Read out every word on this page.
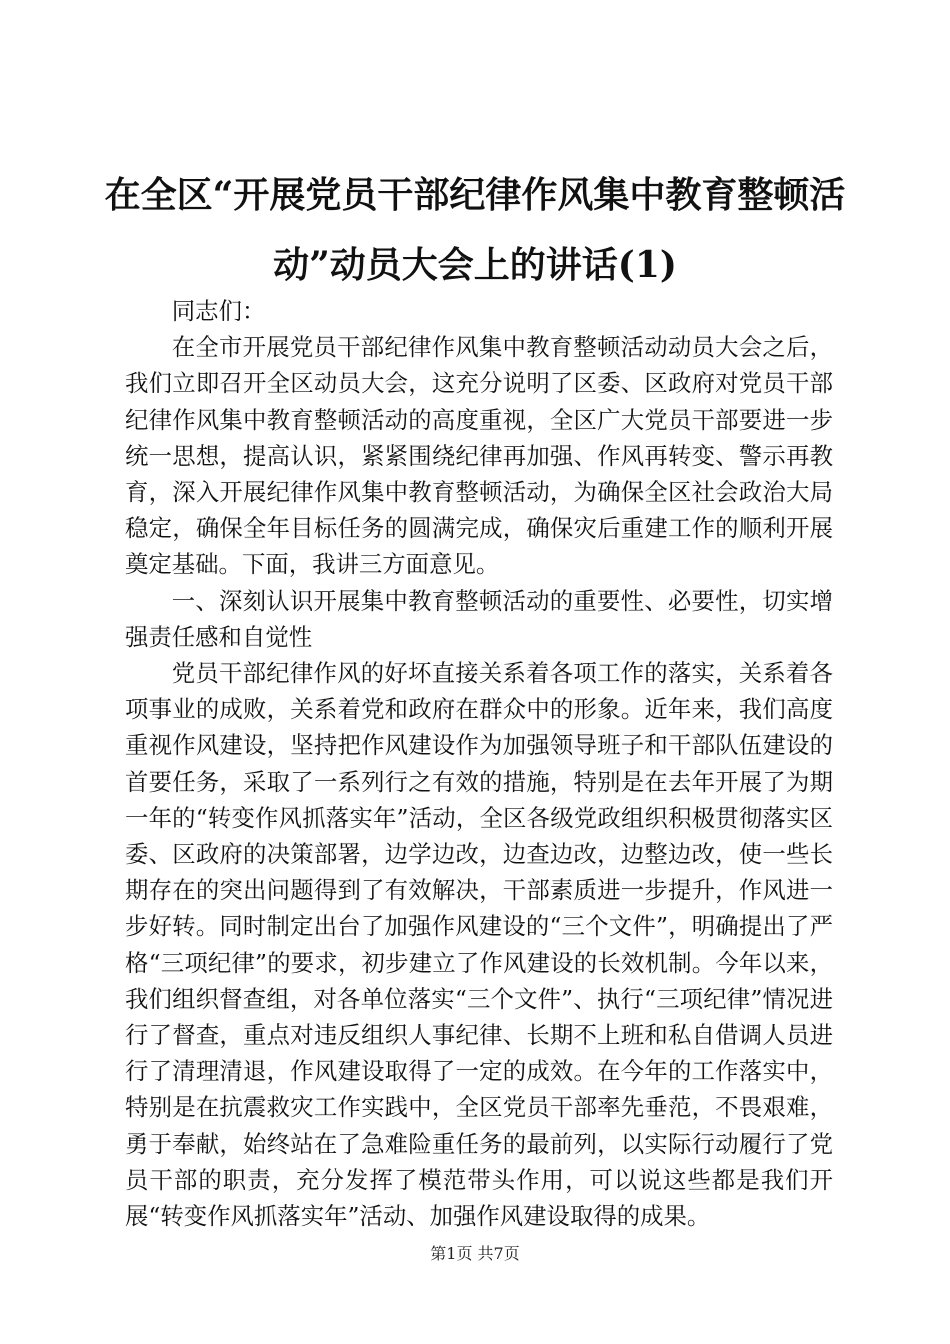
在全区“开展党员干部纪律作风集中教育整顿活动”动员大会上的讲话(1)

同志们：

在全市开展党员干部纪律作风集中教育整顿活动动员大会之后，我们立即召开全区动员大会，这充分说明了区委、区政府对党员干部纪律作风集中教育整顿活动的高度重视，全区广大党员干部要进一步统一思想，提高认识，紧紧围绕纪律再加强、作风再转变、警示再教育，深入开展纪律作风集中教育整顿活动，为确保全区社会政治大局稳定，确保全年目标任务的圆满完成，确保灾后重建工作的顺利开展奠定基础。下面，我讲三方面意见。

一、深刻认识开展集中教育整顿活动的重要性、必要性，切实增强责任感和自觉性

党员干部纪律作风的好坏直接关系着各项工作的落实，关系着各项事业的成败，关系着党和政府在群众中的形象。近年来，我们高度重视作风建设，坚持把作风建设作为加强领导班子和干部队伍建设的首要任务，采取了一系列行之有效的措施，特别是在去年开展了为期一年的“转变作风抓落实年”活动，全区各级党政组织积极贯彻落实区委、区政府的决策部署，边学边改，边查边改，边整边改，使一些长期存在的突出问题得到了有效解决，干部素质进一步提升，作风进一步好转。同时制定出台了加强作风建设的“三个文件”，明确提出了严格“三项纪律”的要求，初步建立了作风建设的长效机制。今年以来，我们组织督查组，对各单位落实“三个文件”、执行“三项纪律”情况进行了督查，重点对违反组织人事纪律、长期不上班和私自借调人员进行了清理清退，作风建设取得了一定的成效。在今年的工作落实中，特别是在抗震救灾工作实践中，全区党员干部率先垂范，不畏艰难，勇于奉献，始终站在了急难险重任务的最前列，以实际行动履行了党员干部的职责，充分发挥了模范带头作用，可以说这些都是我们开展“转变作风抓落实年”活动、加强作风建设取得的成果。

第1页 共7页
